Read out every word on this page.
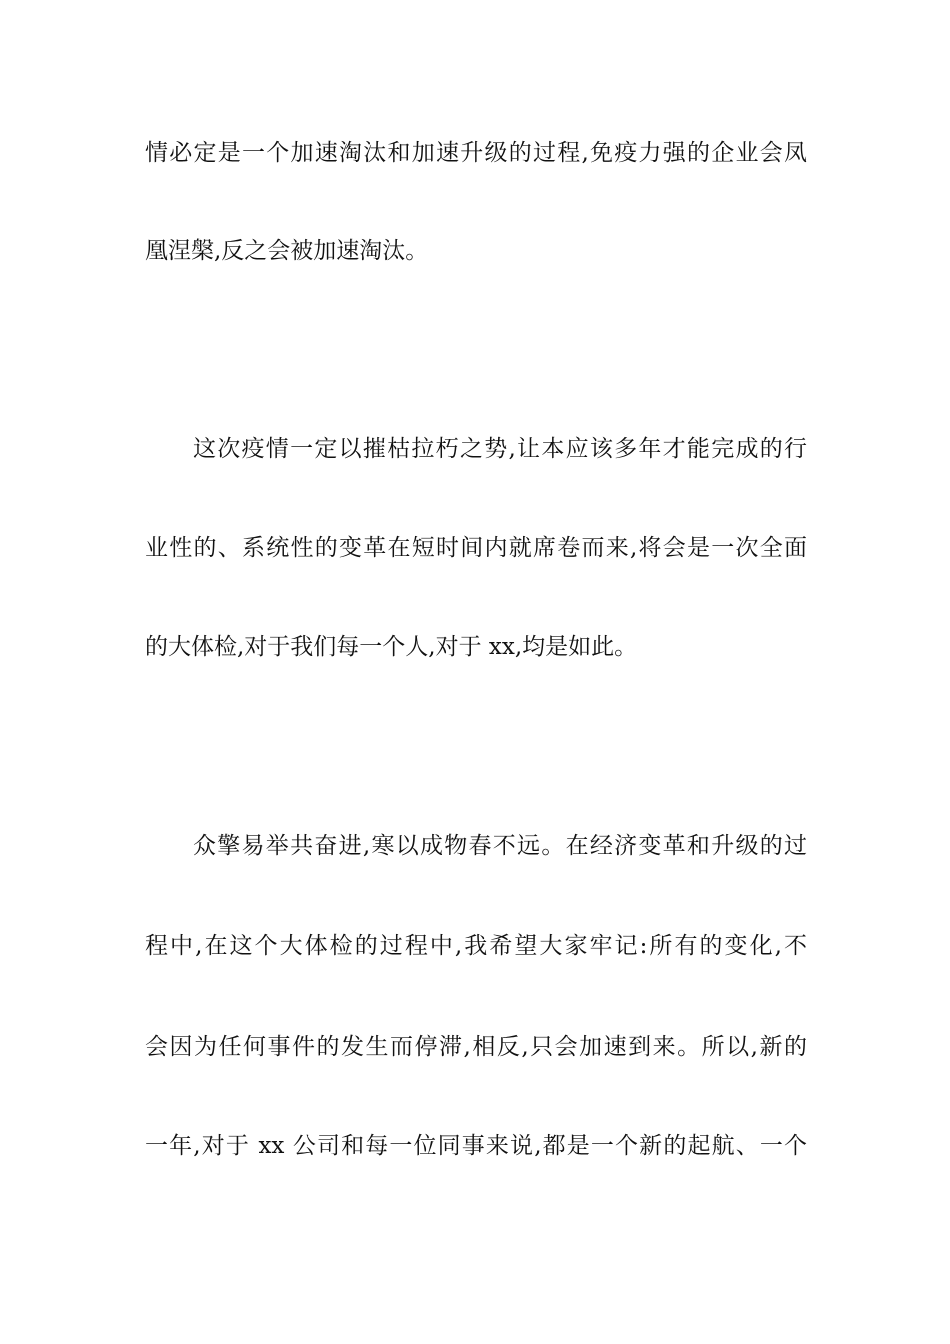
情必定是一个加速淘汰和加速升级的过程,免疫力强的企业会凤
凰涅槃,反之会被加速淘汰。
这次疫情一定以摧枯拉朽之势,让本应该多年才能完成的行
业性的、系统性的变革在短时间内就席卷而来,将会是一次全面
的大体检,对于我们每一个人,对于 xx,均是如此。
众擎易举共奋进,寒以成物春不远。在经济变革和升级的过
程中,在这个大体检的过程中,我希望大家牢记:所有的变化,不
会因为任何事件的发生而停滞,相反,只会加速到来。所以,新的
一年,对于 xx 公司和每一位同事来说,都是一个新的起航、一个
